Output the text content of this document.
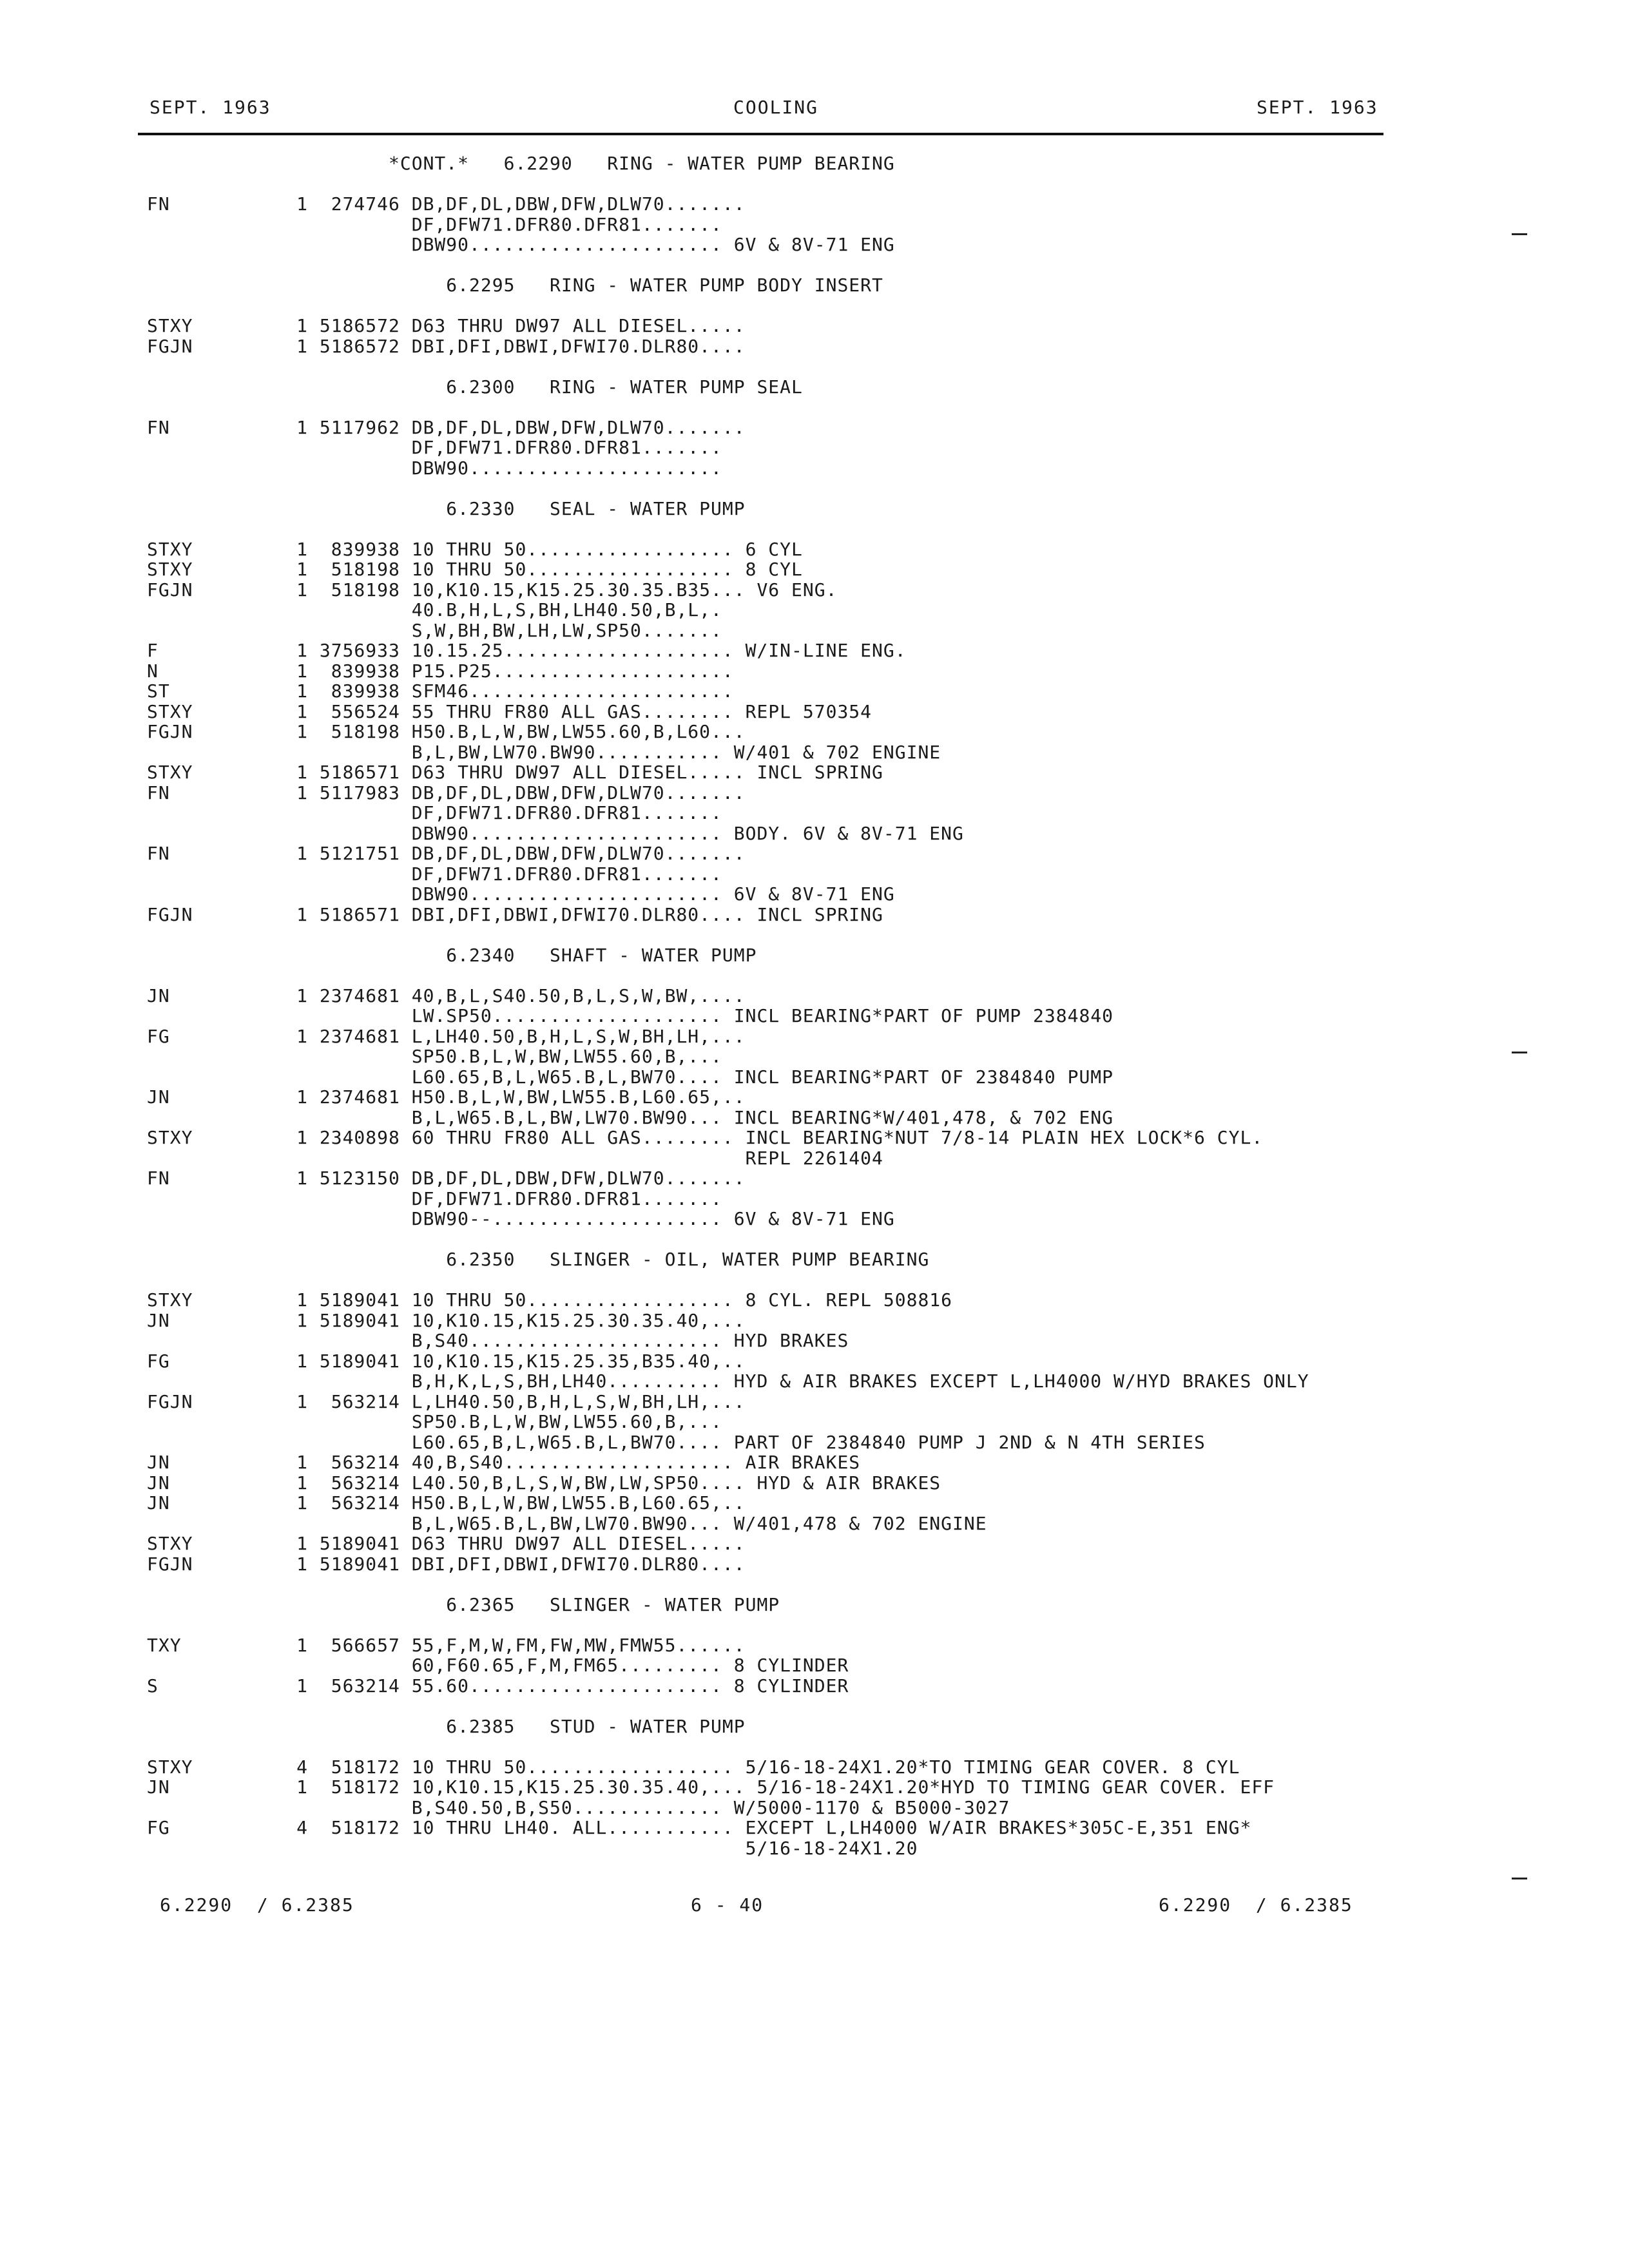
SEPT. 1963	COOLING	SEPT. 1963
*CONT.*   6.2290   RING - WATER PUMP BEARING
FN           1  274746 DB,DF,DL,DBW,DFW,DLW70.......
DF,DFW71.DFR80.DFR81.......
DBW90...................... 6V & 8V-71 ENG
6.2295   RING - WATER PUMP BODY INSERT
STXY         1 5186572 D63 THRU DW97 ALL DIESEL.....
FGJN         1 5186572 DBI,DFI,DBWI,DFWI70.DLR80....
6.2300   RING - WATER PUMP SEAL
FN           1 5117962 DB,DF,DL,DBW,DFW,DLW70.......
DF,DFW71.DFR80.DFR81.......
DBW90......................
6.2330   SEAL - WATER PUMP
STXY         1  839938 10 THRU 50.................. 6 CYL
STXY         1  518198 10 THRU 50.................. 8 CYL
FGJN         1  518198 10,K10.15,K15.25.30.35.B35... V6 ENG.
40.B,H,L,S,BH,LH40.50,B,L,.
S,W,BH,BW,LH,LW,SP50.......
F            1 3756933 10.15.25.................... W/IN-LINE ENG.
N            1  839938 P15.P25.....................
ST           1  839938 SFM46.......................
STXY         1  556524 55 THRU FR80 ALL GAS........ REPL 570354
FGJN         1  518198 H50.B,L,W,BW,LW55.60,B,L60...
B,L,BW,LW70.BW90........... W/401 & 702 ENGINE
STXY         1 5186571 D63 THRU DW97 ALL DIESEL..... INCL SPRING
FN           1 5117983 DB,DF,DL,DBW,DFW,DLW70.......
DF,DFW71.DFR80.DFR81.......
DBW90...................... BODY. 6V & 8V-71 ENG
FN           1 5121751 DB,DF,DL,DBW,DFW,DLW70.......
DF,DFW71.DFR80.DFR81.......
DBW90...................... 6V & 8V-71 ENG
FGJN         1 5186571 DBI,DFI,DBWI,DFWI70.DLR80.... INCL SPRING
6.2340   SHAFT - WATER PUMP
JN           1 2374681 40,B,L,S40.50,B,L,S,W,BW,....
LW.SP50.................... INCL BEARING*PART OF PUMP 2384840
FG           1 2374681 L,LH40.50,B,H,L,S,W,BH,LH,...
SP50.B,L,W,BW,LW55.60,B,...
L60.65,B,L,W65.B,L,BW70.... INCL BEARING*PART OF 2384840 PUMP
JN           1 2374681 H50.B,L,W,BW,LW55.B,L60.65,..
B,L,W65.B,L,BW,LW70.BW90... INCL BEARING*W/401,478, & 702 ENG
STXY         1 2340898 60 THRU FR80 ALL GAS........ INCL BEARING*NUT 7/8-14 PLAIN HEX LOCK*6 CYL.
REPL 2261404
FN           1 5123150 DB,DF,DL,DBW,DFW,DLW70.......
DF,DFW71.DFR80.DFR81.......
DBW90--.................... 6V & 8V-71 ENG
6.2350   SLINGER - OIL, WATER PUMP BEARING
STXY         1 5189041 10 THRU 50.................. 8 CYL. REPL 508816
JN           1 5189041 10,K10.15,K15.25.30.35.40,...
B,S40...................... HYD BRAKES
FG           1 5189041 10,K10.15,K15.25.35,B35.40,..
B,H,K,L,S,BH,LH40.......... HYD & AIR BRAKES EXCEPT L,LH4000 W/HYD BRAKES ONLY
FGJN         1  563214 L,LH40.50,B,H,L,S,W,BH,LH,...
SP50.B,L,W,BW,LW55.60,B,...
L60.65,B,L,W65.B,L,BW70.... PART OF 2384840 PUMP J 2ND & N 4TH SERIES
JN           1  563214 40,B,S40.................... AIR BRAKES
JN           1  563214 L40.50,B,L,S,W,BW,LW,SP50.... HYD & AIR BRAKES
JN           1  563214 H50.B,L,W,BW,LW55.B,L60.65,..
B,L,W65.B,L,BW,LW70.BW90... W/401,478 & 702 ENGINE
STXY         1 5189041 D63 THRU DW97 ALL DIESEL.....
FGJN         1 5189041 DBI,DFI,DBWI,DFWI70.DLR80....
6.2365   SLINGER - WATER PUMP
TXY          1  566657 55,F,M,W,FM,FW,MW,FMW55......
60,F60.65,F,M,FM65......... 8 CYLINDER
S            1  563214 55.60...................... 8 CYLINDER
6.2385   STUD - WATER PUMP
STXY         4  518172 10 THRU 50.................. 5/16-18-24X1.20*TO TIMING GEAR COVER. 8 CYL
JN           1  518172 10,K10.15,K15.25.30.35.40,... 5/16-18-24X1.20*HYD TO TIMING GEAR COVER. EFF
B,S40.50,B,S50............. W/5000-1170 & B5000-3027
FG           4  518172 10 THRU LH40. ALL........... EXCEPT L,LH4000 W/AIR BRAKES*305C-E,351 ENG*
5/16-18-24X1.20
6.2290  / 6.2385	6 - 40	6.2290  / 6.2385
